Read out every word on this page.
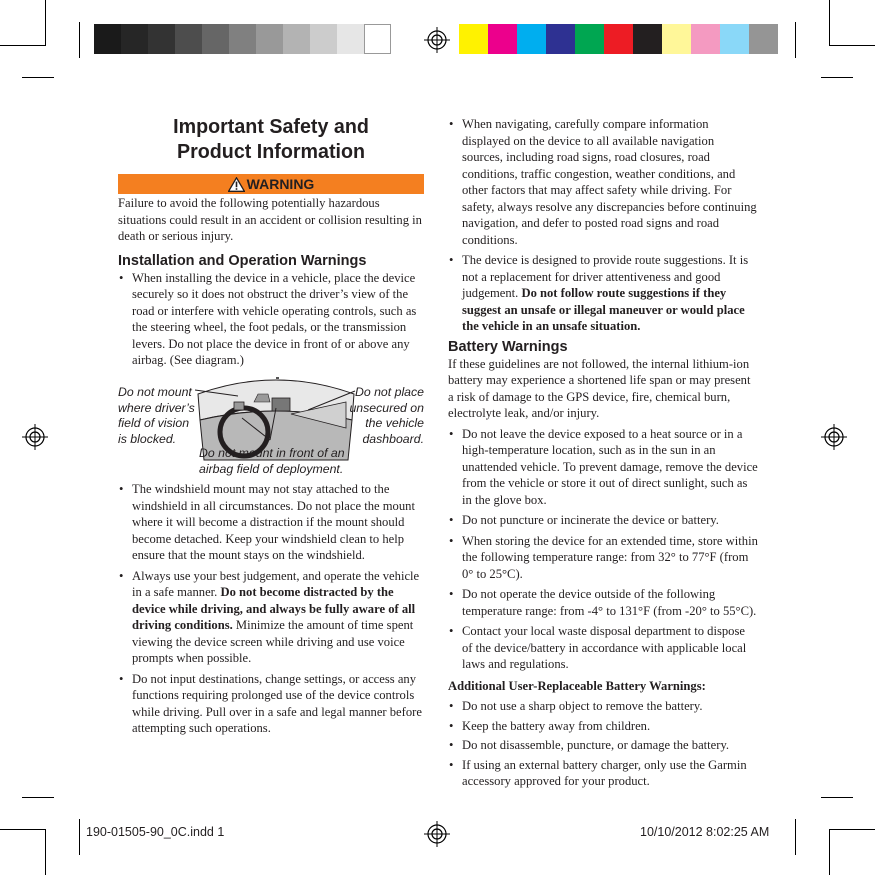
Important Safety and
Product Information
WARNING
Failure to avoid the following potentially hazardous situations could result in an accident or collision resulting in death or serious injury.
Installation and Operation Warnings
• When installing the device in a vehicle, place the device securely so it does not obstruct the driver’s view of the road or interfere with vehicle operating controls, such as the steering wheel, the foot pedals, or the transmission levers. Do not place the device in front of or above any airbag. (See diagram.)
Do not mount
where driver’s
field of vision
is blocked.
Do not place
unsecured on
the vehicle
dashboard.
Do not mount in front of an
airbag field of deployment.
• The windshield mount may not stay attached to the windshield in all circumstances. Do not place the mount where it will become a distraction if the mount should become detached. Keep your windshield clean to help ensure that the mount stays on the windshield.
• Always use your best judgement, and operate the vehicle in a safe manner. Do not become distracted by the device while driving, and always be fully aware of all driving conditions. Minimize the amount of time spent viewing the device screen while driving and use voice prompts when possible.
• Do not input destinations, change settings, or access any functions requiring prolonged use of the device controls while driving. Pull over in a safe and legal manner before attempting such operations.
• When navigating, carefully compare information displayed on the device to all available navigation sources, including road signs, road closures, road conditions, traffic congestion, weather conditions, and other factors that may affect safety while driving. For safety, always resolve any discrepancies before continuing navigation, and defer to posted road signs and road conditions.
• The device is designed to provide route suggestions. It is not a replacement for driver attentiveness and good judgement. Do not follow route suggestions if they suggest an unsafe or illegal maneuver or would place the vehicle in an unsafe situation.
Battery Warnings
If these guidelines are not followed, the internal lithium-ion battery may experience a shortened life span or may present a risk of damage to the GPS device, fire, chemical burn, electrolyte leak, and/or injury.
• Do not leave the device exposed to a heat source or in a high-temperature location, such as in the sun in an unattended vehicle. To prevent damage, remove the device from the vehicle or store it out of direct sunlight, such as in the glove box.
• Do not puncture or incinerate the device or battery.
• When storing the device for an extended time, store within the following temperature range: from 32° to 77°F (from 0° to 25°C).
• Do not operate the device outside of the following temperature range: from -4° to 131°F (from -20° to 55°C).
• Contact your local waste disposal department to dispose of the device/battery in accordance with applicable local laws and regulations.
Additional User-Replaceable Battery Warnings:
• Do not use a sharp object to remove the battery.
• Keep the battery away from children.
• Do not disassemble, puncture, or damage the battery.
• If using an external battery charger, only use the Garmin accessory approved for your product.
190-01505-90_0C.indd 1	10/10/2012 8:02:25 AM
